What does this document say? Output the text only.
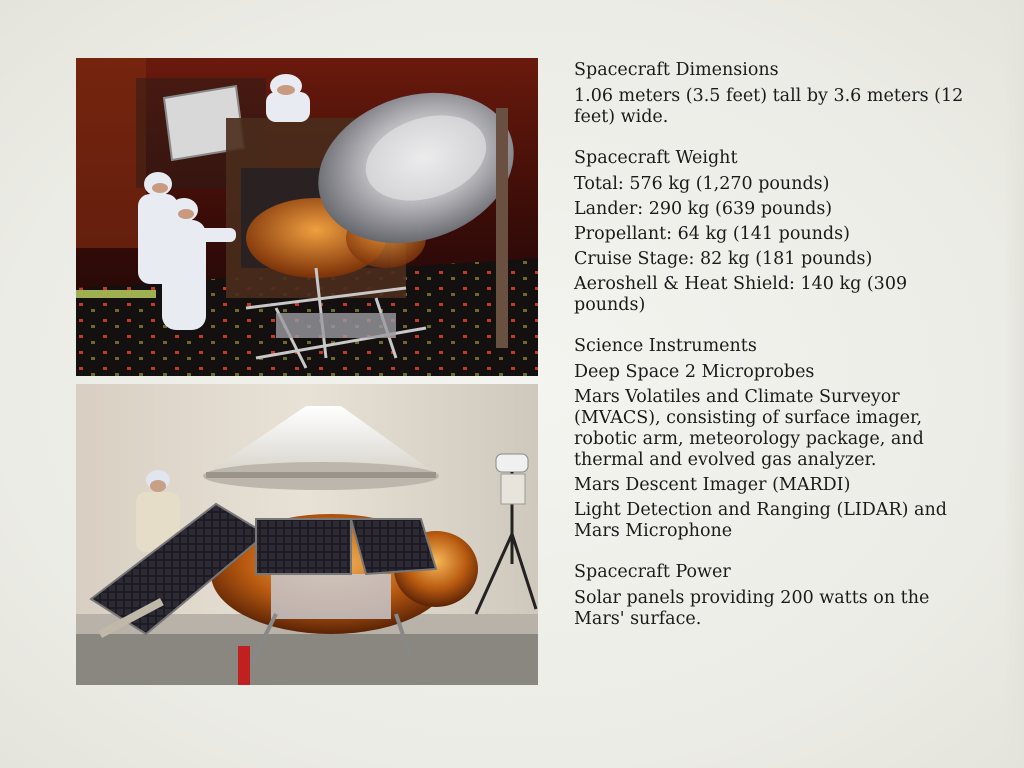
Spacecraft Dimensions
1.06 meters (3.5 feet) tall by 3.6 meters (12 feet) wide.
Spacecraft Weight
Total: 576 kg (1,270 pounds)
Lander: 290 kg (639 pounds)
Propellant: 64 kg (141 pounds)
Cruise Stage: 82 kg (181 pounds)
Aeroshell & Heat Shield: 140 kg (309 pounds)
Science Instruments
Deep Space 2 Microprobes
Mars Volatiles and Climate Surveyor (MVACS), consisting of surface imager, robotic arm, meteorology package, and thermal and evolved gas analyzer.
Mars Descent Imager (MARDI)
Light Detection and Ranging (LIDAR) and Mars Microphone
Spacecraft Power
Solar panels providing 200 watts on the Mars' surface.
